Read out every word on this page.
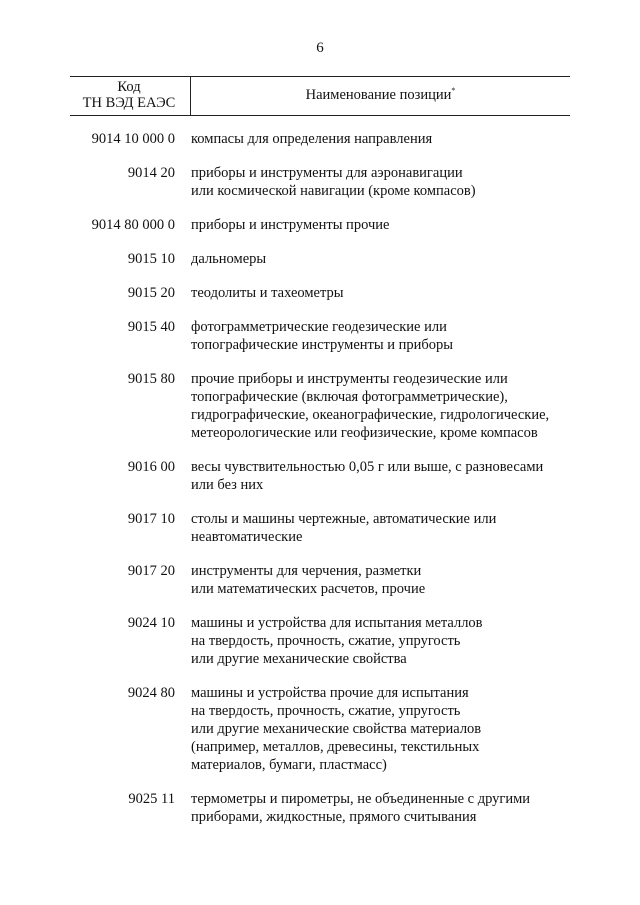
6
Код
ТН ВЭД ЕАЭС	Наименование позиции*
9014 10 000 0 компасы для определения направления
9014 20 приборы и инструменты для аэронавигации
или космической навигации (кроме компасов)
9014 80 000 0 приборы и инструменты прочие
9015 10 дальномеры
9015 20 теодолиты и тахеометры
9015 40 фотограмметрические геодезические или
топографические инструменты и приборы
9015 80 прочие приборы и инструменты геодезические или
топографические (включая фотограмметрические),
гидрографические, океанографические, гидрологические,
метеорологические или геофизические, кроме компасов
9016 00 весы чувствительностью 0,05 г или выше, с разновесами
или без них
9017 10 столы и машины чертежные, автоматические или
неавтоматические
9017 20 инструменты для черчения, разметки
или математических расчетов, прочие
9024 10 машины и устройства для испытания металлов
на твердость, прочность, сжатие, упругость
или другие механические свойства
9024 80 машины и устройства прочие для испытания
на твердость, прочность, сжатие, упругость
или другие механические свойства материалов
(например, металлов, древесины, текстильных
материалов, бумаги, пластмасс)
9025 11 термометры и пирометры, не объединенные с другими
приборами, жидкостные, прямого считывания
